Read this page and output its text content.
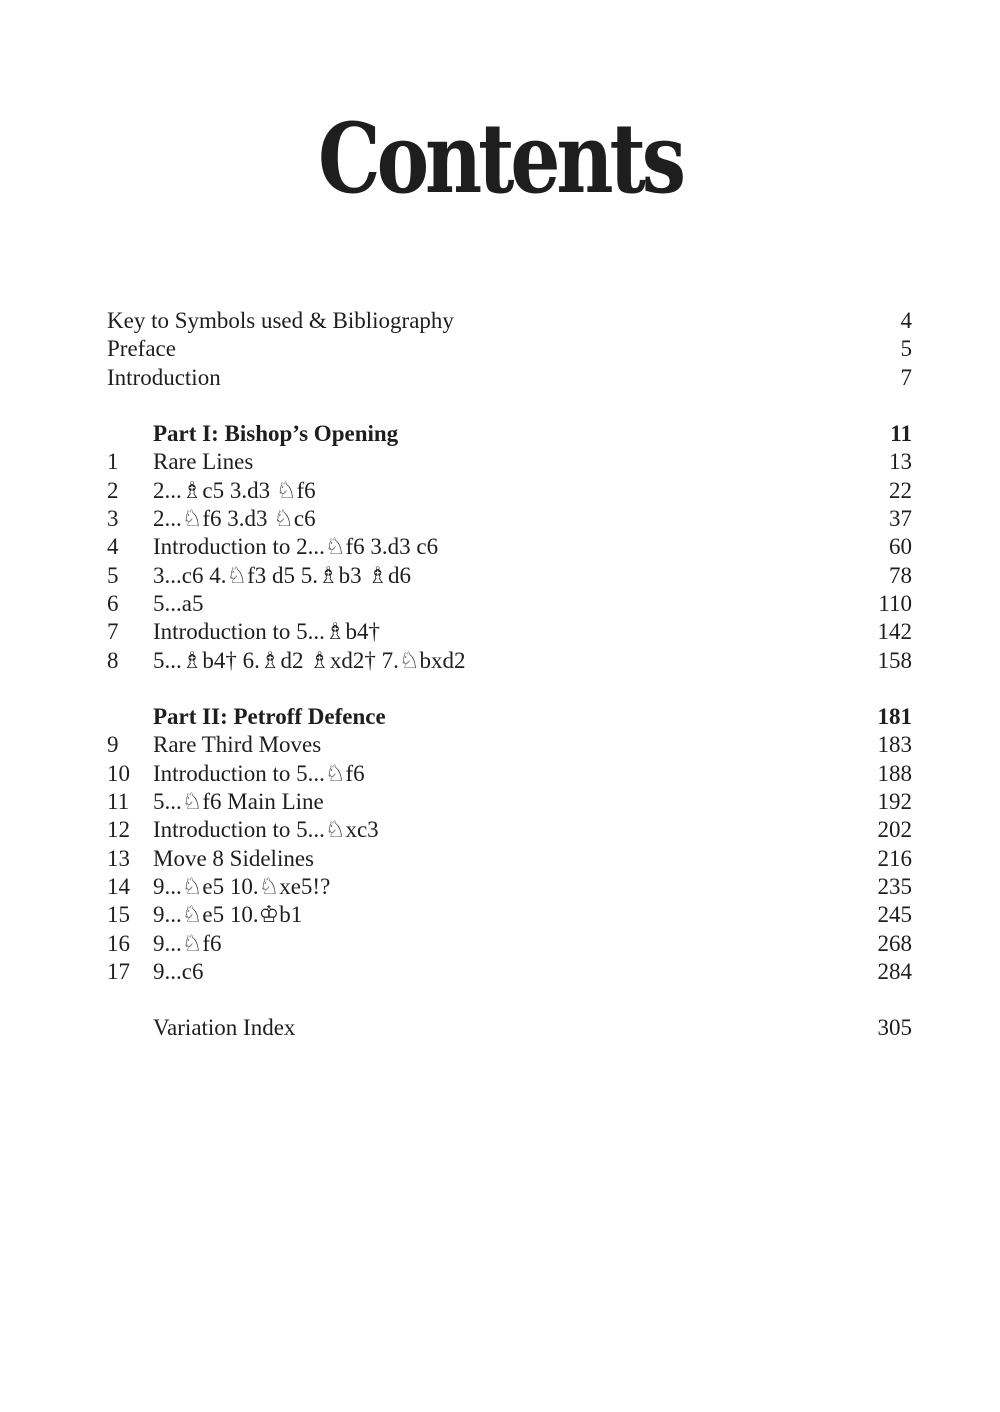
Contents
Key to Symbols used & Bibliography	4
Preface	5
Introduction	7
Part I: Bishop’s Opening	11
1 Rare Lines	13
2 2...♗c5 3.d3 ♘f6	22
3 2...♘f6 3.d3 ♘c6	37
4 Introduction to 2...♘f6 3.d3 c6	60
5 3...c6 4.♘f3 d5 5.♗b3 ♗d6	78
6 5...a5	110
7 Introduction to 5...♗b4†	142
8 5...♗b4† 6.♗d2 ♗xd2† 7.♘bxd2	158
Part II: Petroff Defence	181
9 Rare Third Moves	183
10 Introduction to 5...♘f6	188
11 5...♘f6 Main Line	192
12 Introduction to 5...♘xc3	202
13 Move 8 Sidelines	216
14 9...♘e5 10.♘xe5!?	235
15 9...♘e5 10.♔b1	245
16 9...♘f6	268
17 9...c6	284
Variation Index	305
